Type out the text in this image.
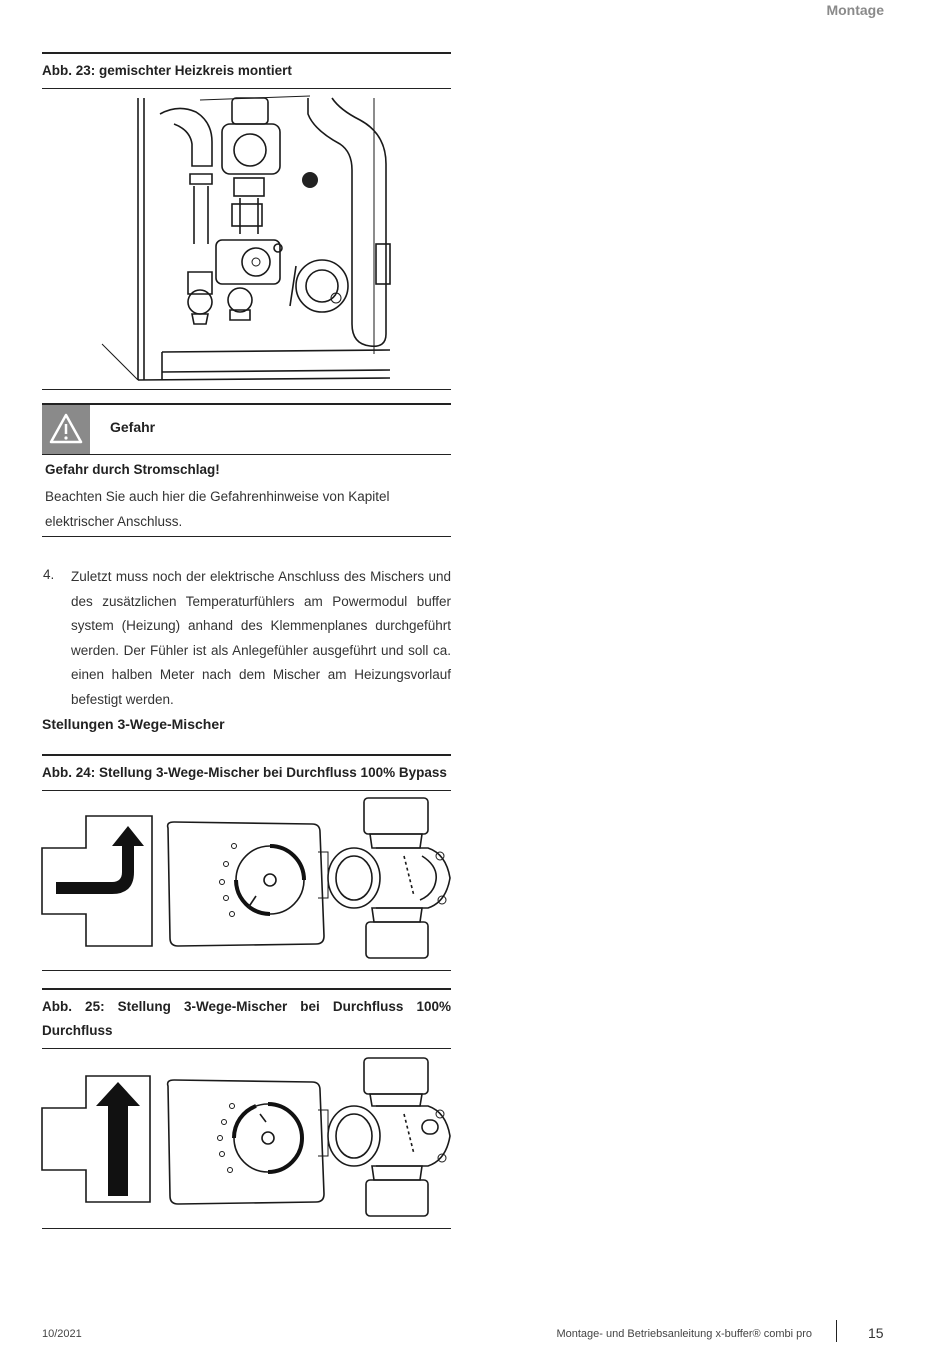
Montage
Abb. 23: gemischter Heizkreis montiert
Gefahr
Gefahr durch Stromschlag!
Beachten Sie auch hier die Gefahrenhinweise von Kapitel elektrischer Anschluss.
4. Zuletzt muss noch der elektrische Anschluss des Mischers und des zusätzlichen Temperaturfühlers am Powermodul buffer system (Heizung) anhand des Klemmenplanes durchgeführt werden. Der Fühler ist als Anlegefühler ausgeführt und soll ca. einen halben Meter nach dem Mischer am Heizungsvorlauf befestigt werden.
Stellungen 3-Wege-Mischer
Abb. 24: Stellung 3-Wege-Mischer bei Durchfluss 100% Bypass
Abb. 25: Stellung 3-Wege-Mischer bei Durchfluss 100% Durchfluss
10/2021	Montage- und Betriebsanleitung x-buffer® combi pro	15
